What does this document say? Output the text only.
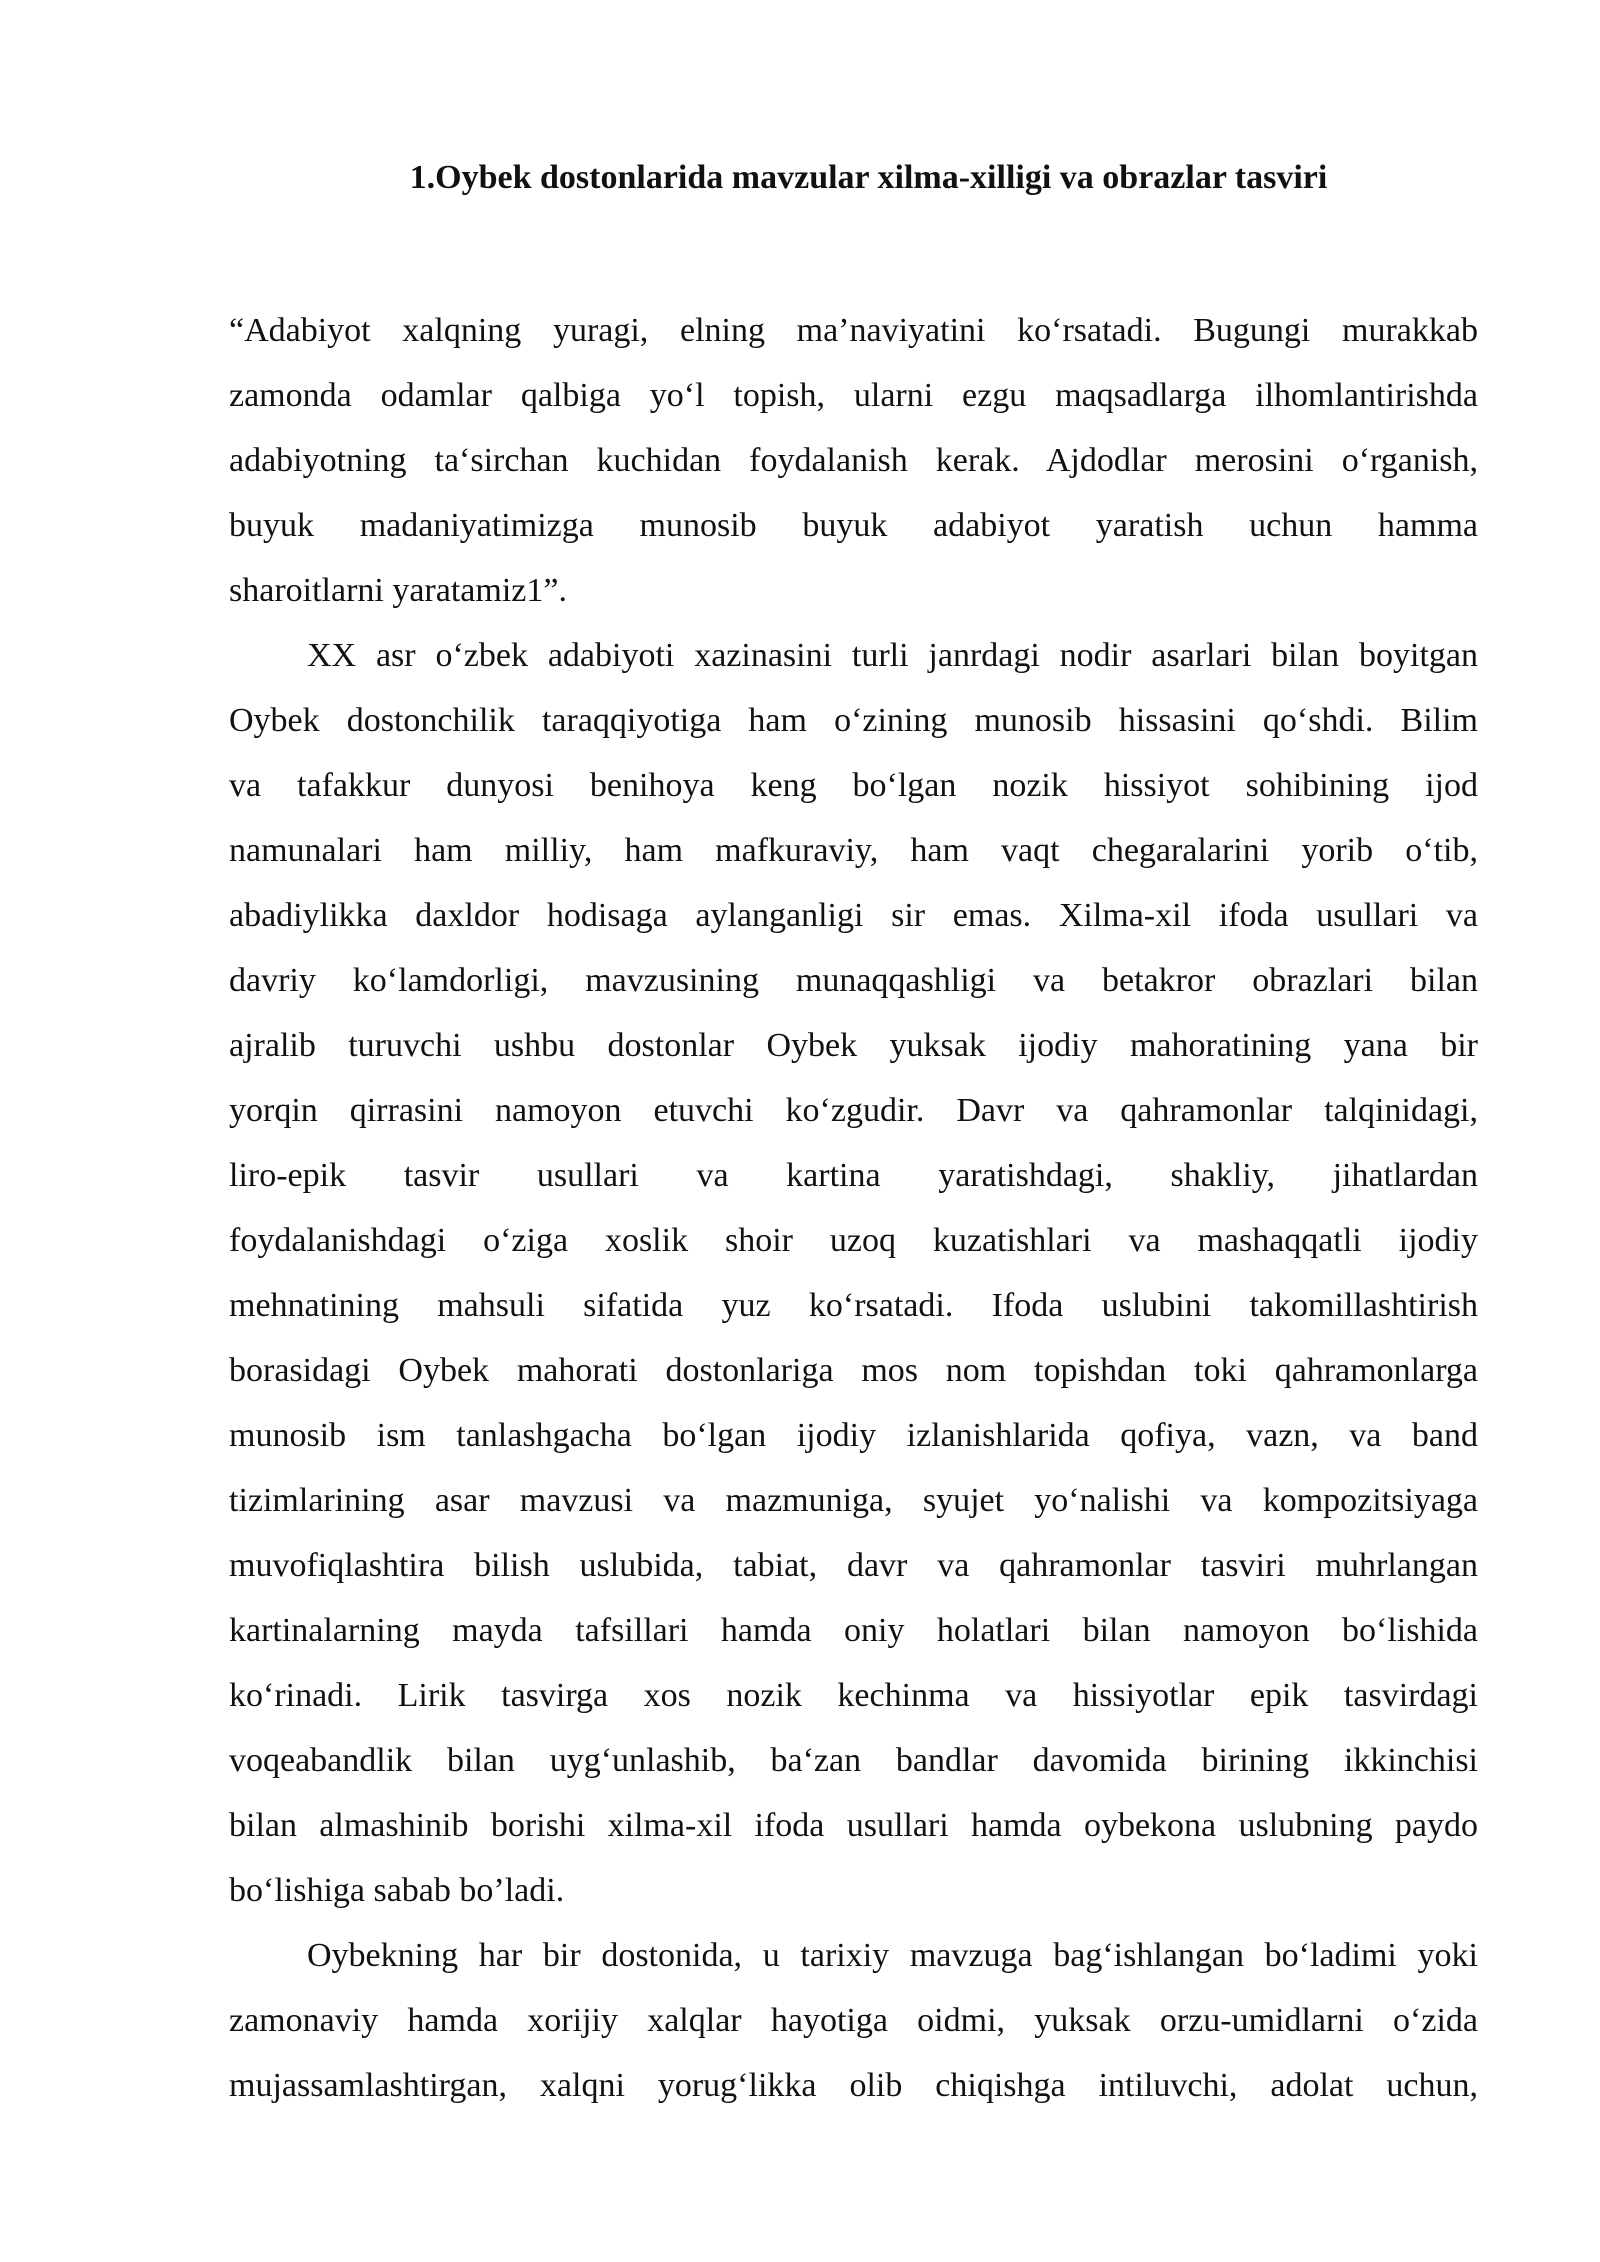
1.Oybek dostonlarida mavzular xilma-xilligi va obrazlar tasviri
“Adabiyot xalqning yuragi, elning ma’naviyatini ko‘rsatadi. Bugungi murakkab
zamonda odamlar qalbiga yo‘l topish, ularni ezgu maqsadlarga ilhomlantirishda
adabiyotning ta‘sirchan kuchidan foydalanish kerak. Ajdodlar merosini o‘rganish,
buyuk madaniyatimizga munosib buyuk adabiyot yaratish uchun hamma
sharoitlarni yaratamiz1”.
XX asr o‘zbek adabiyoti xazinasini turli janrdagi nodir asarlari bilan boyitgan
Oybek dostonchilik taraqqiyotiga ham o‘zining munosib hissasini qo‘shdi. Bilim
va tafakkur dunyosi benihoya keng bo‘lgan nozik hissiyot sohibining ijod
namunalari ham milliy, ham mafkuraviy, ham vaqt chegaralarini yorib o‘tib,
abadiylikka daxldor hodisaga aylanganligi sir emas. Xilma-xil ifoda usullari va
davriy ko‘lamdorligi, mavzusining munaqqashligi va betakror obrazlari bilan
ajralib turuvchi ushbu dostonlar Oybek yuksak ijodiy mahoratining yana bir
yorqin qirrasini namoyon etuvchi ko‘zgudir. Davr va qahramonlar talqinidagi,
liro-epik tasvir usullari va kartina yaratishdagi, shakliy, jihatlardan
foydalanishdagi o‘ziga xoslik shoir uzoq kuzatishlari va mashaqqatli ijodiy
mehnatining mahsuli sifatida yuz ko‘rsatadi. Ifoda uslubini takomillashtirish
borasidagi Oybek mahorati dostonlariga mos nom topishdan toki qahramonlarga
munosib ism tanlashgacha bo‘lgan ijodiy izlanishlarida qofiya, vazn, va band
tizimlarining asar mavzusi va mazmuniga, syujet yo‘nalishi va kompozitsiyaga
muvofiqlashtira bilish uslubida, tabiat, davr va qahramonlar tasviri muhrlangan
kartinalarning mayda tafsillari hamda oniy holatlari bilan namoyon bo‘lishida
ko‘rinadi. Lirik tasvirga xos nozik kechinma va hissiyotlar epik tasvirdagi
voqeabandlik bilan uyg‘unlashib, ba‘zan bandlar davomida birining ikkinchisi
bilan almashinib borishi xilma-xil ifoda usullari hamda oybekona uslubning paydo
bo‘lishiga sabab bo’ladi.
Oybekning har bir dostonida, u tarixiy mavzuga bag‘ishlangan bo‘ladimi yoki
zamonaviy hamda xorijiy xalqlar hayotiga oidmi, yuksak orzu-umidlarni o‘zida
mujassamlashtirgan, xalqni yorug‘likka olib chiqishga intiluvchi, adolat uchun,
